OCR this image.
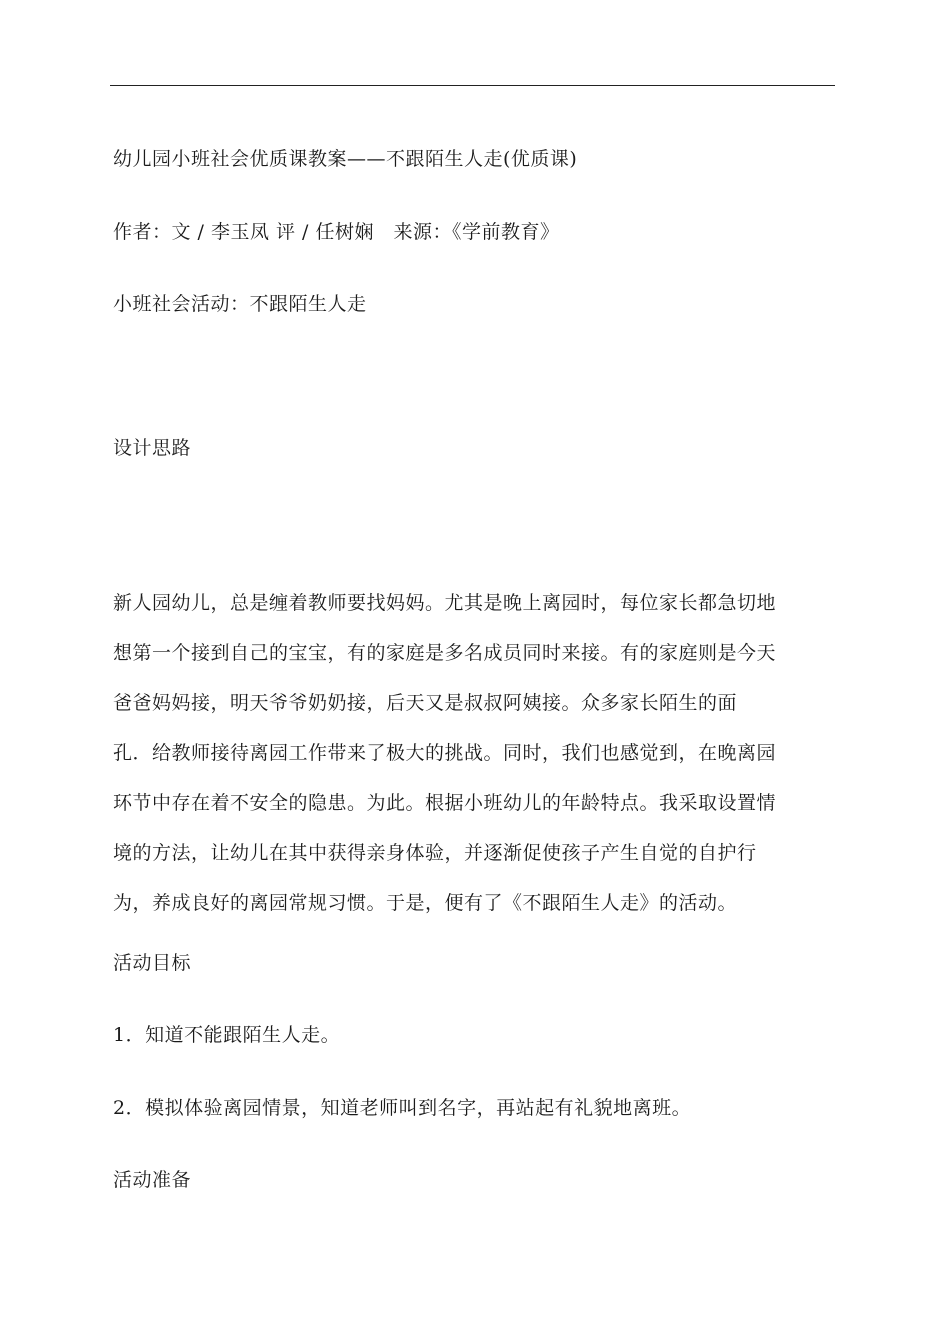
幼儿园小班社会优质课教案——不跟陌生人走(优质课)
作者：文 / 李玉凤 评 / 任树娴　来源：《学前教育》
小班社会活动：不跟陌生人走
设计思路
新人园幼儿，总是缠着教师要找妈妈。尤其是晚上离园时，每位家长都急切地
想第一个接到自己的宝宝，有的家庭是多名成员同时来接。有的家庭则是今天
爸爸妈妈接，明天爷爷奶奶接，后天又是叔叔阿姨接。众多家长陌生的面
孔．给教师接待离园工作带来了极大的挑战。同时，我们也感觉到，在晚离园
环节中存在着不安全的隐患。为此。根据小班幼儿的年龄特点。我采取设置情
境的方法，让幼儿在其中获得亲身体验，并逐渐促使孩子产生自觉的自护行
为，养成良好的离园常规习惯。于是，便有了《不跟陌生人走》的活动。
活动目标
1．知道不能跟陌生人走。
2．模拟体验离园情景，知道老师叫到名字，再站起有礼貌地离班。
活动准备
